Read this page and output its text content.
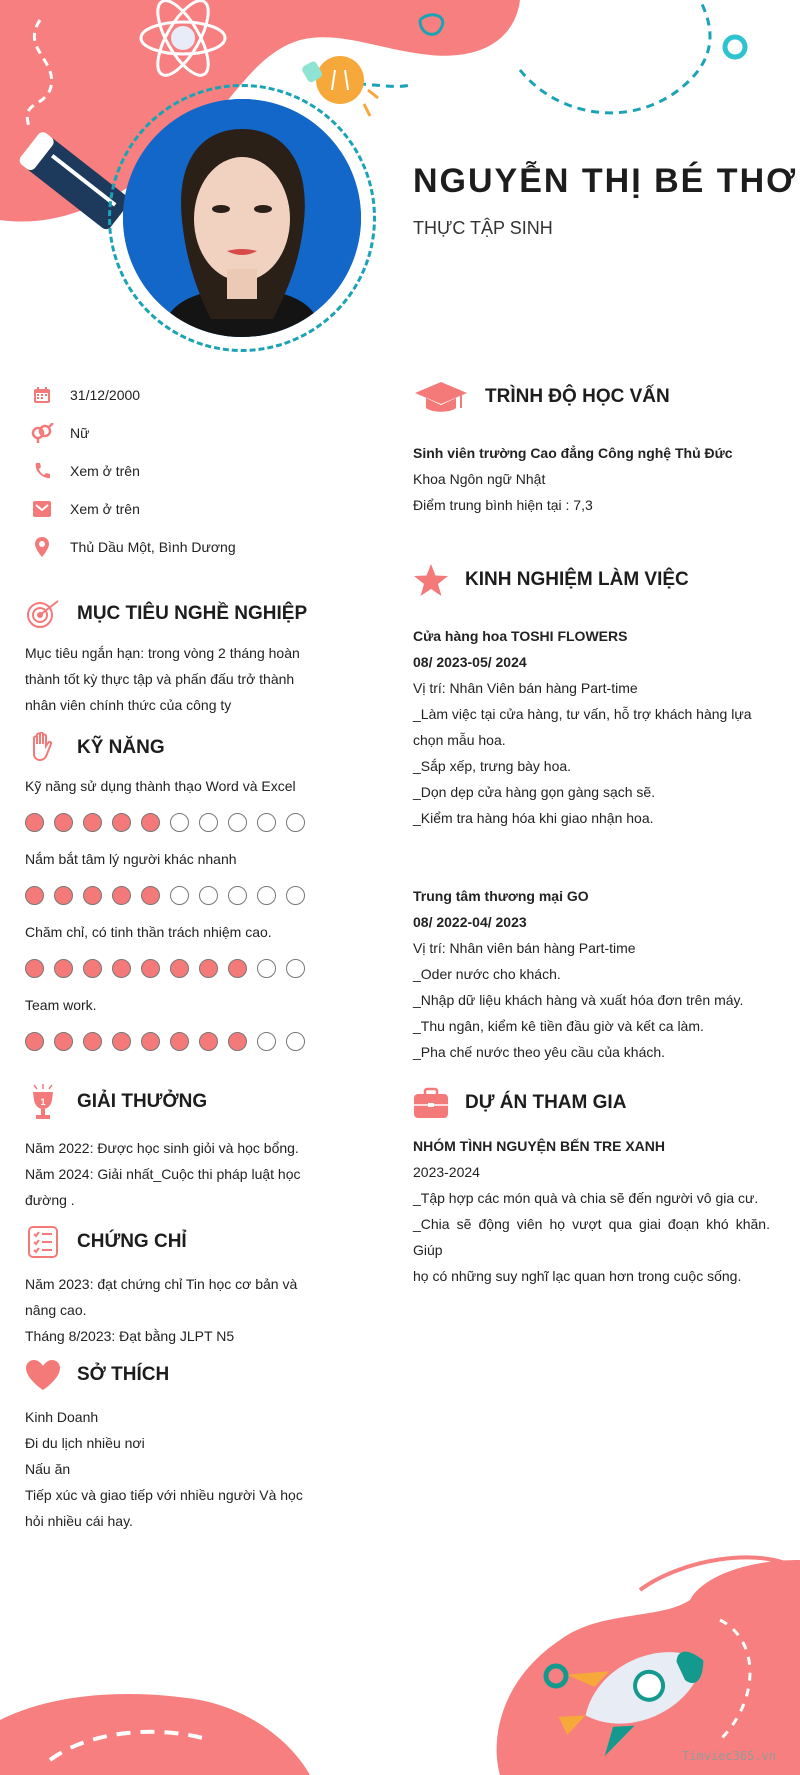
NGUYỄN THỊ BÉ THƠ
THỰC TẬP SINH
31/12/2000
Nữ
Xem ở trên
Xem ở trên
Thủ Dầu Một, Bình Dương
MỤC TIÊU NGHỀ NGHIỆP
Mục tiêu ngắn hạn: trong vòng 2 tháng hoàn
thành tốt kỳ thực tập và phấn đấu trở thành
nhân viên chính thức của công ty
KỸ NĂNG
Kỹ năng sử dụng thành thạo Word và Excel
Nắm bắt tâm lý người khác nhanh
Chăm chỉ, có tinh thần trách nhiệm cao.
Team work.
1 GIẢI THƯỞNG
Năm 2022: Được học sinh giỏi và học bổng.
Năm 2024: Giải nhất_Cuộc thi pháp luật học
đường .
CHỨNG CHỈ
Năm 2023: đạt chứng chỉ Tin học cơ bản và
nâng cao.
Tháng 8/2023: Đạt bằng JLPT N5
SỞ THÍCH
Kinh Doanh
Đi du lịch nhiều nơi
Nấu ăn
Tiếp xúc và giao tiếp với nhiều người Và học
hỏi nhiều cái hay.
TRÌNH ĐỘ HỌC VẤN
Sinh viên trường Cao đẳng Công nghệ Thủ Đức
Khoa Ngôn ngữ Nhật
Điểm trung bình hiện tại : 7,3
KINH NGHIỆM LÀM VIỆC
Cửa hàng hoa TOSHI FLOWERS
08/ 2023-05/ 2024
Vị trí: Nhân Viên bán hàng Part-time
_Làm việc tại cửa hàng, tư vấn, hỗ trợ khách hàng lựa
chọn mẫu hoa.
_Sắp xếp, trưng bày hoa.
_Dọn dẹp cửa hàng gọn gàng sạch sẽ.
_Kiểm tra hàng hóa khi giao nhận hoa.
Trung tâm thương mại GO
08/ 2022-04/ 2023
Vị trí: Nhân viên bán hàng Part-time
_Oder nước cho khách.
_Nhập dữ liệu khách hàng và xuất hóa đơn trên máy.
_Thu ngân, kiểm kê tiền đầu giờ và kết ca làm.
_Pha chế nước theo yêu cầu của khách.
DỰ ÁN THAM GIA
NHÓM TÌNH NGUYỆN BẾN TRE XANH
2023-2024
_Tập hợp các món quà và chia sẽ đến người vô gia cư.
_Chia sẽ động viên họ vượt qua giai đoạn khó khăn. Giúp
họ có những suy nghĩ lạc quan hơn trong cuộc sống.
Timviec365.vn
